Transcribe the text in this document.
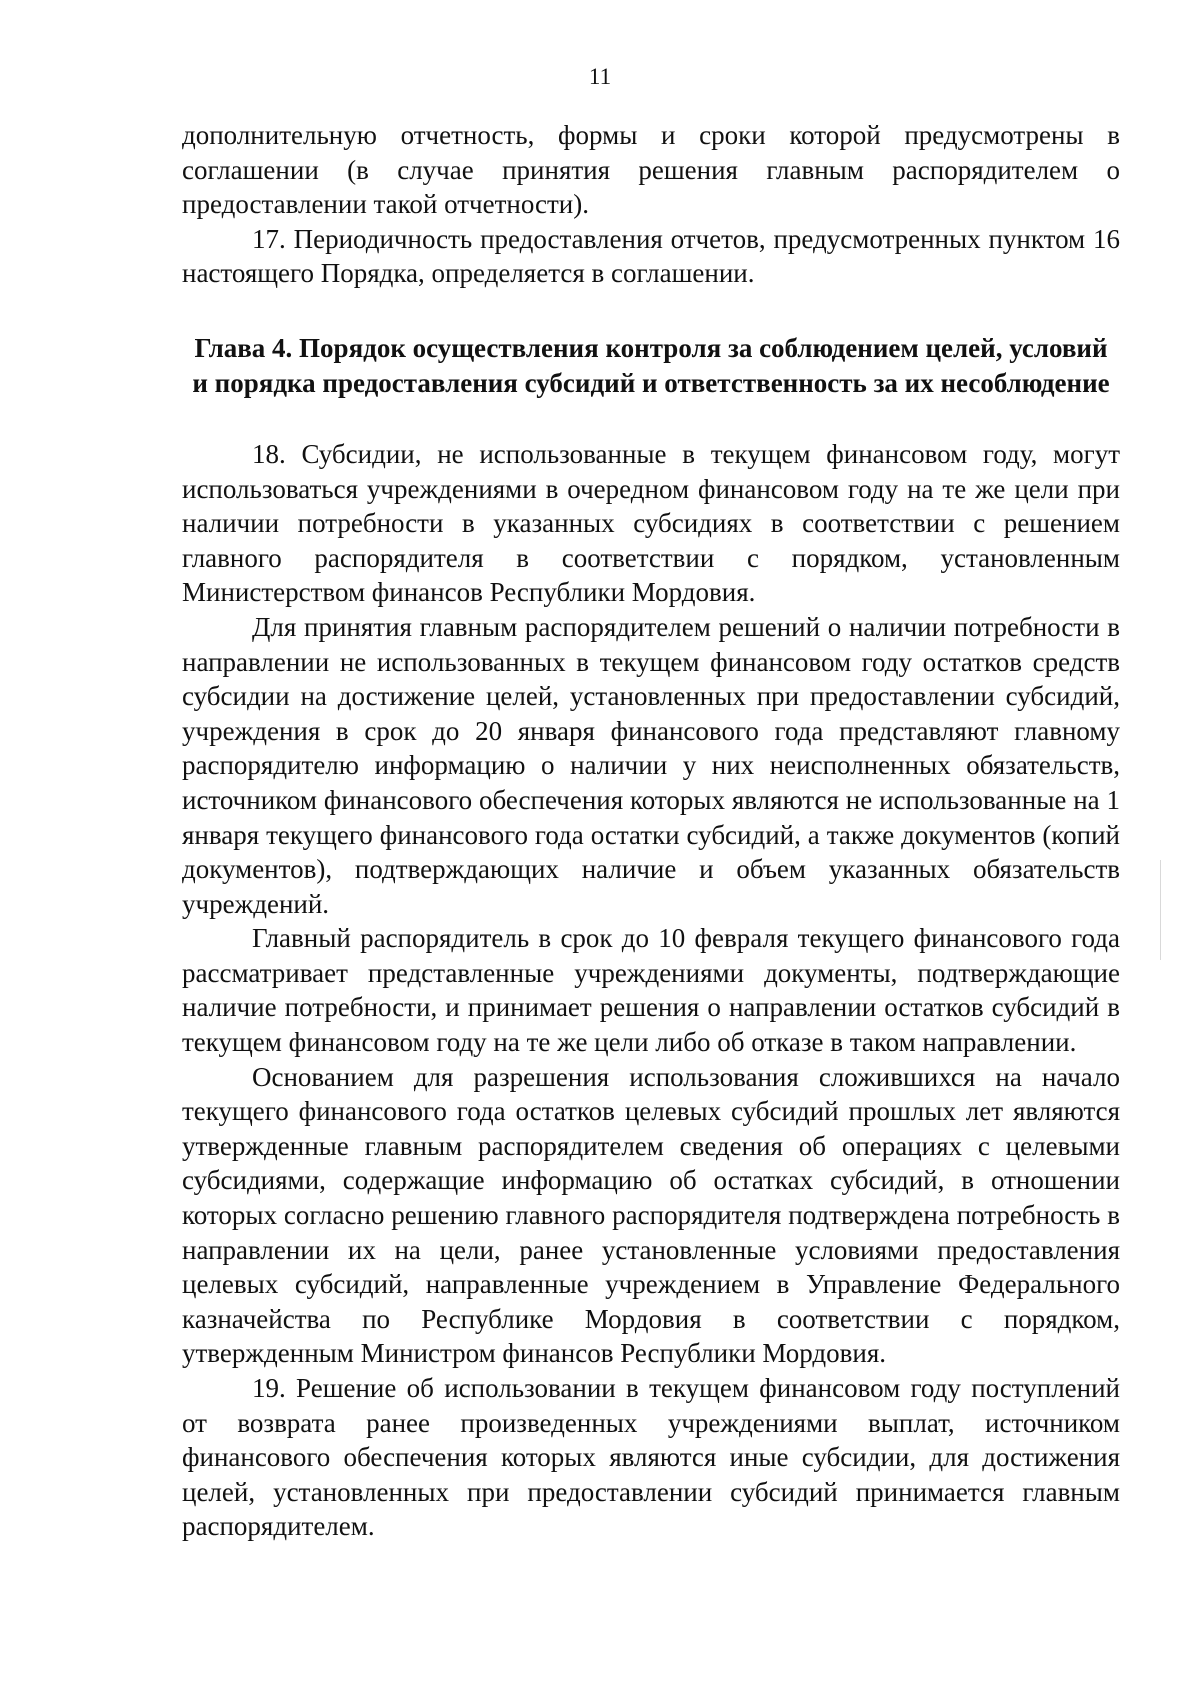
11

дополнительную отчетность, формы и сроки которой предусмотрены в соглашении (в случае принятия решения главным распорядителем о предоставлении такой отчетности).

17. Периодичность предоставления отчетов, предусмотренных пунктом 16 настоящего Порядка, определяется в соглашении.

Глава 4. Порядок осуществления контроля за соблюдением целей, условий и порядка предоставления субсидий и ответственность за их несоблюдение

18. Субсидии, не использованные в текущем финансовом году, могут использоваться учреждениями в очередном финансовом году на те же цели при наличии потребности в указанных субсидиях в соответствии с решением главного распорядителя в соответствии с порядком, установленным Министерством финансов Республики Мордовия.

Для принятия главным распорядителем решений о наличии потребности в направлении не использованных в текущем финансовом году остатков средств субсидии на достижение целей, установленных при предоставлении субсидий, учреждения в срок до 20 января финансового года представляют главному распорядителю информацию о наличии у них неисполненных обязательств, источником финансового обеспечения которых являются не использованные на 1 января текущего финансового года остатки субсидий, а также документов (копий документов), подтверждающих наличие и объем указанных обязательств учреждений.

Главный распорядитель в срок до 10 февраля текущего финансового года рассматривает представленные учреждениями документы, подтверждающие наличие потребности, и принимает решения о направлении остатков субсидий в текущем финансовом году на те же цели либо об отказе в таком направлении.

Основанием для разрешения использования сложившихся на начало текущего финансового года остатков целевых субсидий прошлых лет являются утвержденные главным распорядителем сведения об операциях с целевыми субсидиями, содержащие информацию об остатках субсидий, в отношении которых согласно решению главного распорядителя подтверждена потребность в направлении их на цели, ранее установленные условиями предоставления целевых субсидий, направленные учреждением в Управление Федерального казначейства по Республике Мордовия в соответствии с порядком, утвержденным Министром финансов Республики Мордовия.

19. Решение об использовании в текущем финансовом году поступлений от возврата ранее произведенных учреждениями выплат, источником финансового обеспечения которых являются иные субсидии, для достижения целей, установленных при предоставлении субсидий принимается главным распорядителем.
